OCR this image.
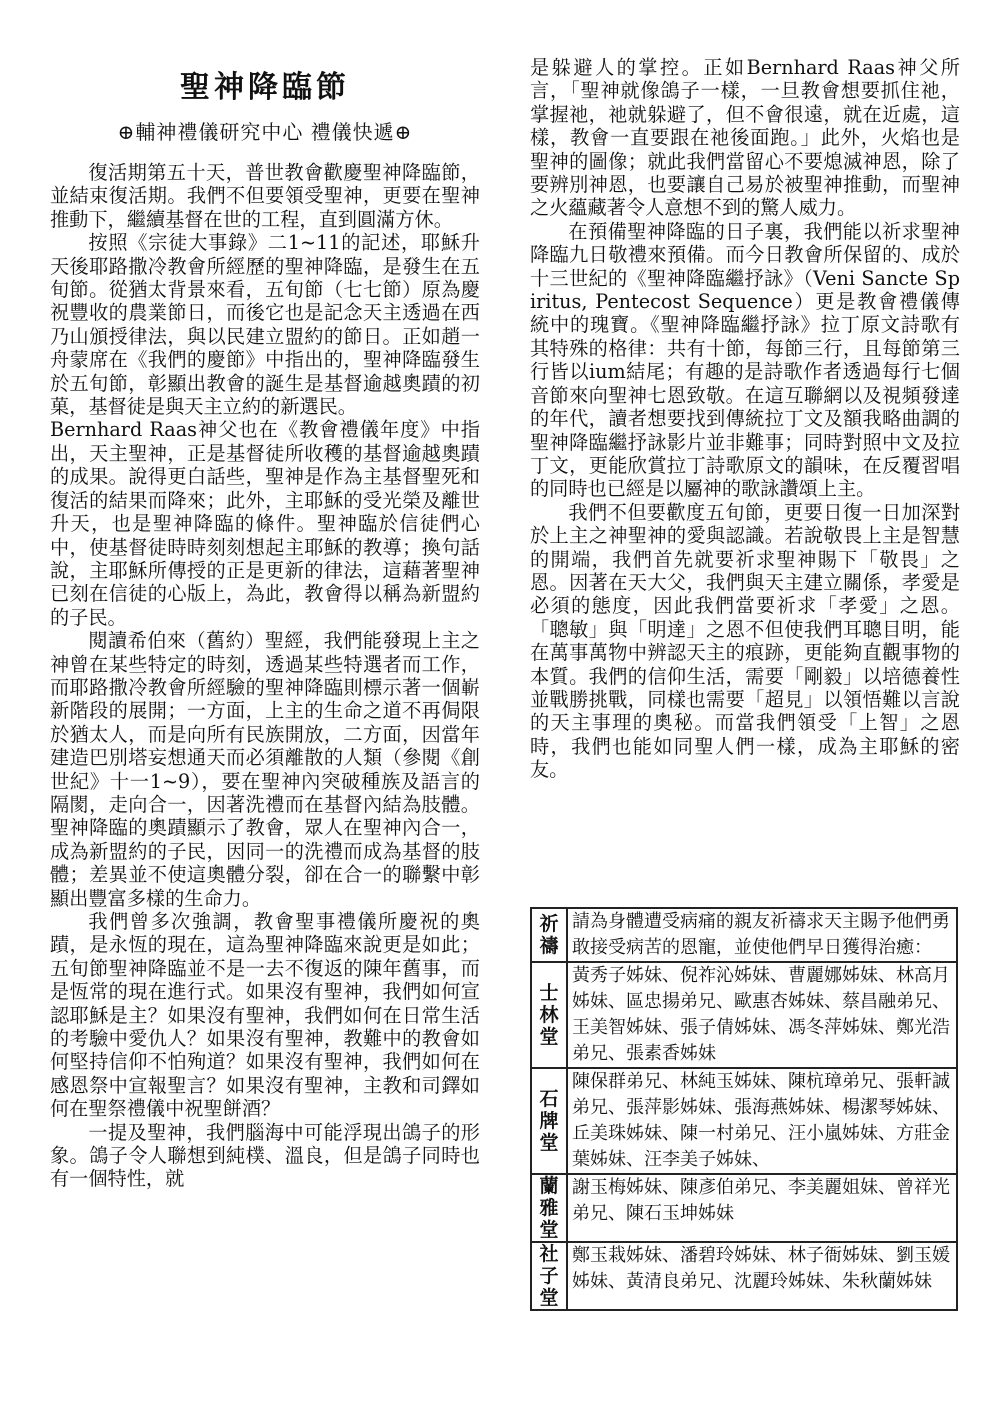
聖神降臨節
⊕輔神禮儀研究中心 禮儀快遞⊕

復活期第五十天，普世教會歡慶聖神降臨節，並結束復活期。我們不但要領受聖神，更要在聖神推動下，繼續基督在世的工程，直到圓滿方休。

按照《宗徒大事錄》二1~11的記述，耶穌升天後耶路撒冷教會所經歷的聖神降臨，是發生在五旬節。從猶太背景來看，五旬節（七七節）原為慶祝豐收的農業節日，而後它也是記念天主透過在西乃山頒授律法，與以民建立盟約的節日。正如趙一舟蒙席在《我們的慶節》中指出的，聖神降臨發生於五旬節，彰顯出教會的誕生是基督逾越奧蹟的初菓，基督徒是與天主立約的新選民。

Bernhard Raas神父也在《教會禮儀年度》中指出，天主聖神，正是基督徒所收穫的基督逾越奧蹟的成果。說得更白話些，聖神是作為主基督聖死和復活的結果而降來；此外，主耶穌的受光榮及離世升天，也是聖神降臨的條件。聖神臨於信徒們心中，使基督徒時時刻刻想起主耶穌的教導；換句話說，主耶穌所傳授的正是更新的律法，這藉著聖神已刻在信徒的心版上，為此，教會得以稱為新盟約的子民。

閱讀希伯來（舊約）聖經，我們能發現上主之神曾在某些特定的時刻，透過某些特選者而工作，而耶路撒冷教會所經驗的聖神降臨則標示著一個嶄新階段的展開；一方面，上主的生命之道不再侷限於猶太人，而是向所有民族開放，二方面，因當年建造巴別塔妄想通天而必須離散的人類（參閱《創世紀》十一1~9），要在聖神內突破種族及語言的隔閡，走向合一，因著洗禮而在基督內結為肢體。聖神降臨的奧蹟顯示了教會，眾人在聖神內合一，成為新盟約的子民，因同一的洗禮而成為基督的肢體；差異並不使這奧體分裂，卻在合一的聯繫中彰顯出豐富多樣的生命力。

我們曾多次強調，教會聖事禮儀所慶祝的奧蹟，是永恆的現在，這為聖神降臨來說更是如此；五旬節聖神降臨並不是一去不復返的陳年舊事，而是恆常的現在進行式。如果沒有聖神，我們如何宣認耶穌是主？如果沒有聖神，我們如何在日常生活的考驗中愛仇人？如果沒有聖神，教難中的教會如何堅持信仰不怕殉道？如果沒有聖神，我們如何在感恩祭中宣報聖言？如果沒有聖神，主教和司鐸如何在聖祭禮儀中祝聖餅酒？

一提及聖神，我們腦海中可能浮現出鴿子的形象。鴿子令人聯想到純樸、溫良，但是鴿子同時也有一個特性，就

是躲避人的掌控。正如Bernhard Raas神父所言，「聖神就像鴿子一樣，一旦教會想要抓住祂，掌握祂，祂就躲避了，但不會很遠，就在近處，這樣，教會一直要跟在祂後面跑。」此外，火焰也是聖神的圖像；就此我們當留心不要熄滅神恩，除了要辨別神恩，也要讓自己易於被聖神推動，而聖神之火蘊藏著令人意想不到的驚人威力。

在預備聖神降臨的日子裏，我們能以祈求聖神降臨九日敬禮來預備。而今日教會所保留的、成於十三世紀的《聖神降臨繼抒詠》（Veni Sancte Spiritus, Pentecost Sequence）更是教會禮儀傳統中的瑰寶。《聖神降臨繼抒詠》拉丁原文詩歌有其特殊的格律：共有十節，每節三行，且每節第三行皆以ium結尾；有趣的是詩歌作者透過每行七個音節來向聖神七恩致敬。在這互聯網以及視頻發達的年代，讀者想要找到傳統拉丁文及額我略曲調的聖神降臨繼抒詠影片並非難事；同時對照中文及拉丁文，更能欣賞拉丁詩歌原文的韻味，在反覆習唱的同時也已經是以屬神的歌詠讚頌上主。

我們不但要歡度五旬節，更要日復一日加深對於上主之神聖神的愛與認識。若說敬畏上主是智慧的開端，我們首先就要祈求聖神賜下「敬畏」之恩。因著在天大父，我們與天主建立關係，孝愛是必須的態度，因此我們當要祈求「孝愛」之恩。「聰敏」與「明達」之恩不但使我們耳聰目明，能在萬事萬物中辨認天主的痕跡，更能夠直觀事物的本質。我們的信仰生活，需要「剛毅」以培德養性並戰勝挑戰，同樣也需要「超見」以領悟難以言說的天主事理的奧秘。而當我們領受「上智」之恩時，我們也能如同聖人們一樣，成為主耶穌的密友。

祈
禱	請為身體遭受病痛的親友祈禱求天主賜予他們勇敢接受病苦的恩寵，並使他們早日獲得治癒：

士
林
堂	黃秀子姊妹、倪祚沁姊妹、曹麗娜姊妹、林高月姊妹、區忠揚弟兄、歐惠杏姊妹、蔡昌融弟兄、王美智姊妹、張子倩姊妹、馮冬萍姊妹、鄭光浩弟兄、張素香姊妹

石
牌
堂	陳保群弟兄、林純玉姊妹、陳杭璋弟兄、張軒誠弟兄、張萍影姊妹、張海燕姊妹、楊潔琴姊妹、丘美珠姊妹、陳一村弟兄、汪小嵐姊妹、方莊金葉姊妹、汪李美子姊妹、

蘭
雅
堂	謝玉梅姊妹、陳彥伯弟兄、李美麗姐妹、曾祥光弟兄、陳石玉坤姊妹

社
子
堂	鄭玉栽姊妹、潘碧玲姊妹、林子衙姊妹、劉玉媛姊妹、黃清良弟兄、沈麗玲姊妹、朱秋蘭姊妹
